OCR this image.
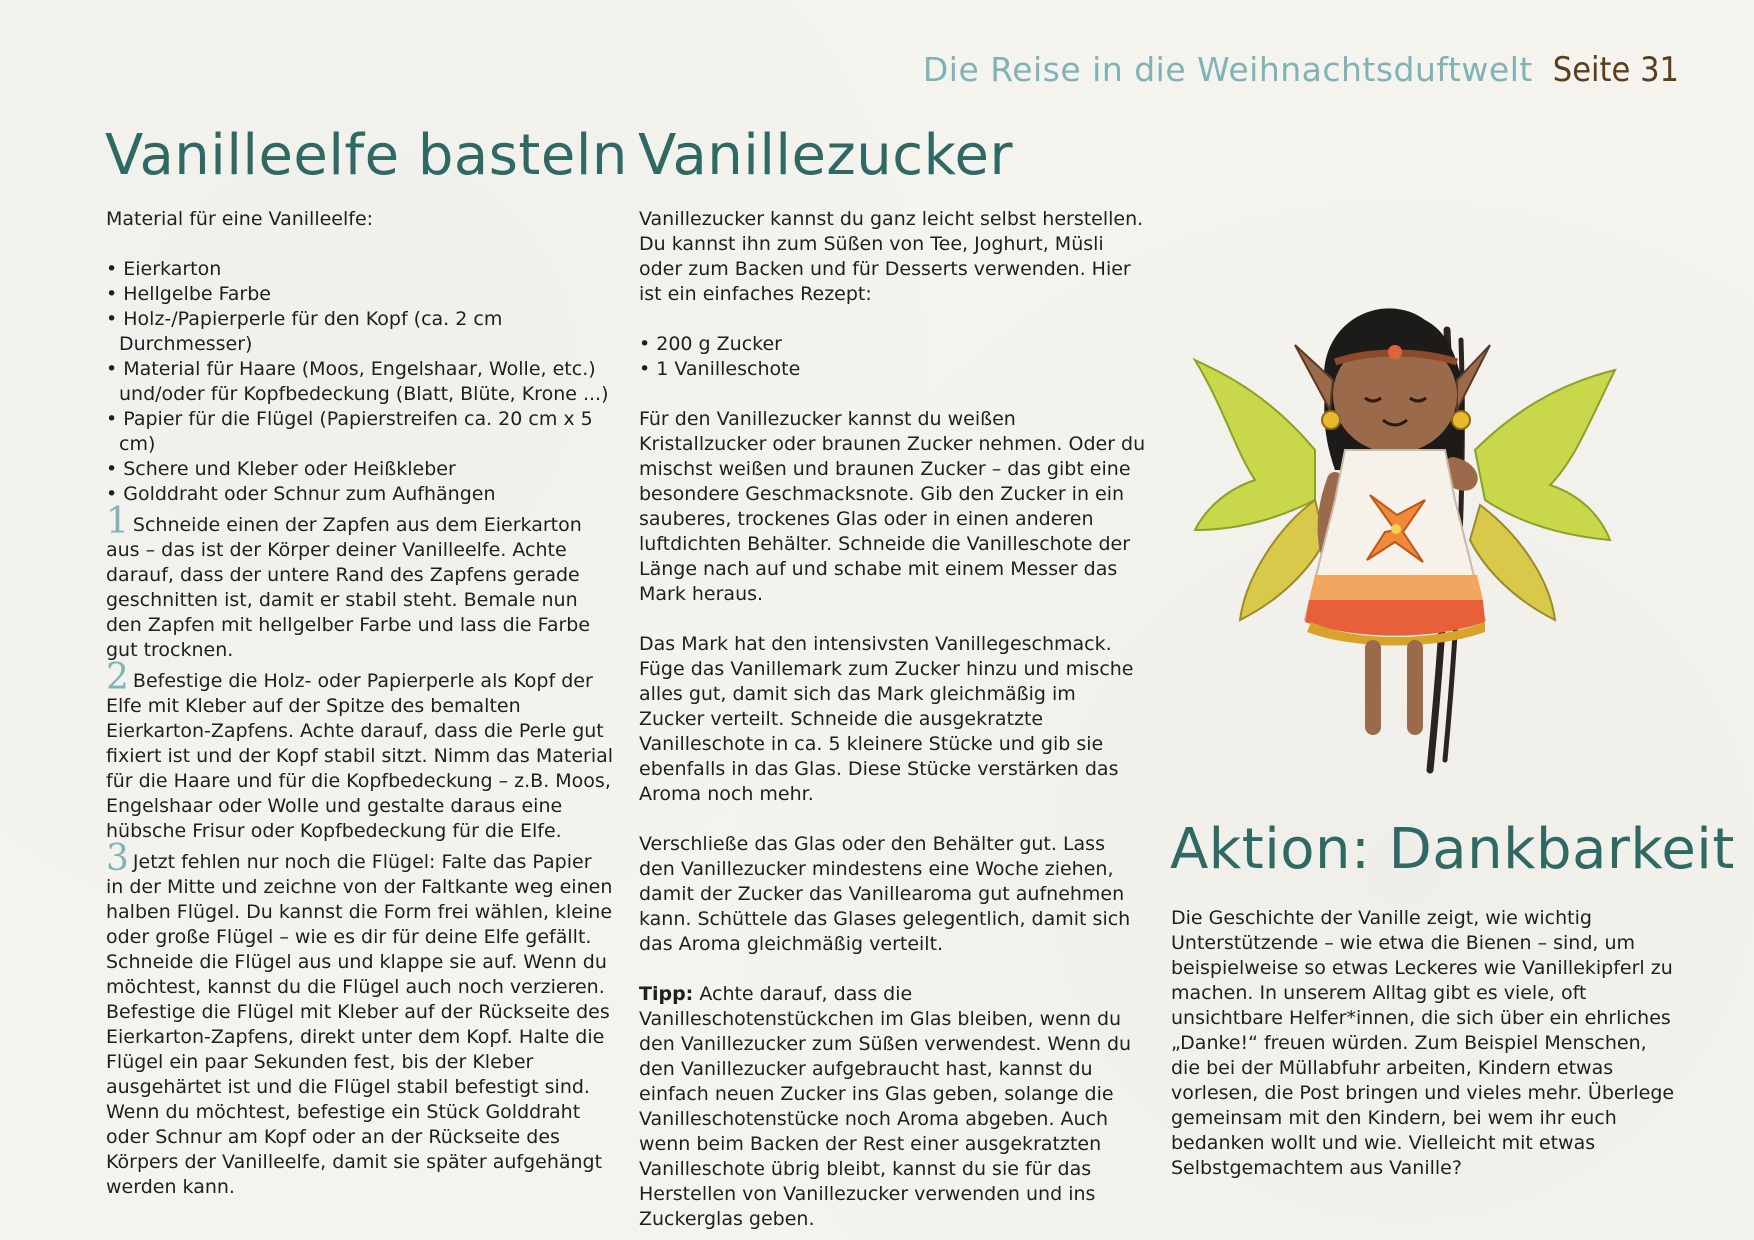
Die Reise in die Weihnachtsduftwelt Seite 31
Vanilleelfe basteln

Material für eine Vanilleelfe:

• Eierkarton
• Hellgelbe Farbe
• Holz-/Papierperle für den Kopf (ca. 2 cm Durchmesser)
• Material für Haare (Moos, Engelshaar, Wolle, etc.) und/oder für Kopfbedeckung (Blatt, Blüte, Krone ...)
• Papier für die Flügel (Papierstreifen ca. 20 cm x 5 cm)
• Schere und Kleber oder Heißkleber
• Golddraht oder Schnur zum Aufhängen

1 Schneide einen der Zapfen aus dem Eierkarton aus – das ist der Körper deiner Vanilleelfe. Achte darauf, dass der untere Rand des Zapfens gerade geschnitten ist, damit er stabil steht. Bemale nun den Zapfen mit hellgelber Farbe und lass die Farbe gut trocknen.

2 Befestige die Holz- oder Papierperle als Kopf der Elfe mit Kleber auf der Spitze des bemalten Eierkarton-Zapfens. Achte darauf, dass die Perle gut fixiert ist und der Kopf stabil sitzt. Nimm das Material für die Haare und für die Kopfbedeckung – z.B. Moos, Engelshaar oder Wolle und gestalte daraus eine hübsche Frisur oder Kopfbedeckung für die Elfe.

3 Jetzt fehlen nur noch die Flügel: Falte das Papier in der Mitte und zeichne von der Faltkante weg einen halben Flügel. Du kannst die Form frei wählen, kleine oder große Flügel – wie es dir für deine Elfe gefällt. Schneide die Flügel aus und klappe sie auf. Wenn du möchtest, kannst du die Flügel auch noch verzieren. Befestige die Flügel mit Kleber auf der Rückseite des Eierkarton-Zapfens, direkt unter dem Kopf. Halte die Flügel ein paar Sekunden fest, bis der Kleber ausgehärtet ist und die Flügel stabil befestigt sind. Wenn du möchtest, befestige ein Stück Golddraht oder Schnur am Kopf oder an der Rückseite des Körpers der Vanilleelfe, damit sie später aufgehängt werden kann.

Vanillezucker

Vanillezucker kannst du ganz leicht selbst herstellen. Du kannst ihn zum Süßen von Tee, Joghurt, Müsli oder zum Backen und für Desserts verwenden. Hier ist ein einfaches Rezept:

• 200 g Zucker
• 1 Vanilleschote

Für den Vanillezucker kannst du weißen Kristallzucker oder braunen Zucker nehmen. Oder du mischst weißen und braunen Zucker – das gibt eine besondere Geschmacksnote. Gib den Zucker in ein sauberes, trockenes Glas oder in einen anderen luftdichten Behälter. Schneide die Vanilleschote der Länge nach auf und schabe mit einem Messer das Mark heraus.

Das Mark hat den intensivsten Vanillegeschmack. Füge das Vanillemark zum Zucker hinzu und mische alles gut, damit sich das Mark gleichmäßig im Zucker verteilt. Schneide die ausgekratzte Vanilleschote in ca. 5 kleinere Stücke und gib sie ebenfalls in das Glas. Diese Stücke verstärken das Aroma noch mehr.

Verschließe das Glas oder den Behälter gut. Lass den Vanillezucker mindestens eine Woche ziehen, damit der Zucker das Vanillearoma gut aufnehmen kann. Schüttele das Glases gelegentlich, damit sich das Aroma gleichmäßig verteilt.

Tipp: Achte darauf, dass die Vanilleschotenstückchen im Glas bleiben, wenn du den Vanillezucker zum Süßen verwendest. Wenn du den Vanillezucker aufgebraucht hast, kannst du einfach neuen Zucker ins Glas geben, solange die Vanilleschotenstücke noch Aroma abgeben. Auch wenn beim Backen der Rest einer ausgekratzten Vanilleschote übrig bleibt, kannst du sie für das Herstellen von Vanillezucker verwenden und ins Zuckerglas geben.

Aktion: Dankbarkeit

Die Geschichte der Vanille zeigt, wie wichtig Unterstützende – wie etwa die Bienen – sind, um beispielweise so etwas Leckeres wie Vanillekipferl zu machen. In unserem Alltag gibt es viele, oft unsichtbare Helfer*innen, die sich über ein ehrliches „Danke!“ freuen würden. Zum Beispiel Menschen, die bei der Müllabfuhr arbeiten, Kindern etwas vorlesen, die Post bringen und vieles mehr. Überlege gemeinsam mit den Kindern, bei wem ihr euch bedanken wollt und wie. Vielleicht mit etwas Selbstgemachtem aus Vanille?
